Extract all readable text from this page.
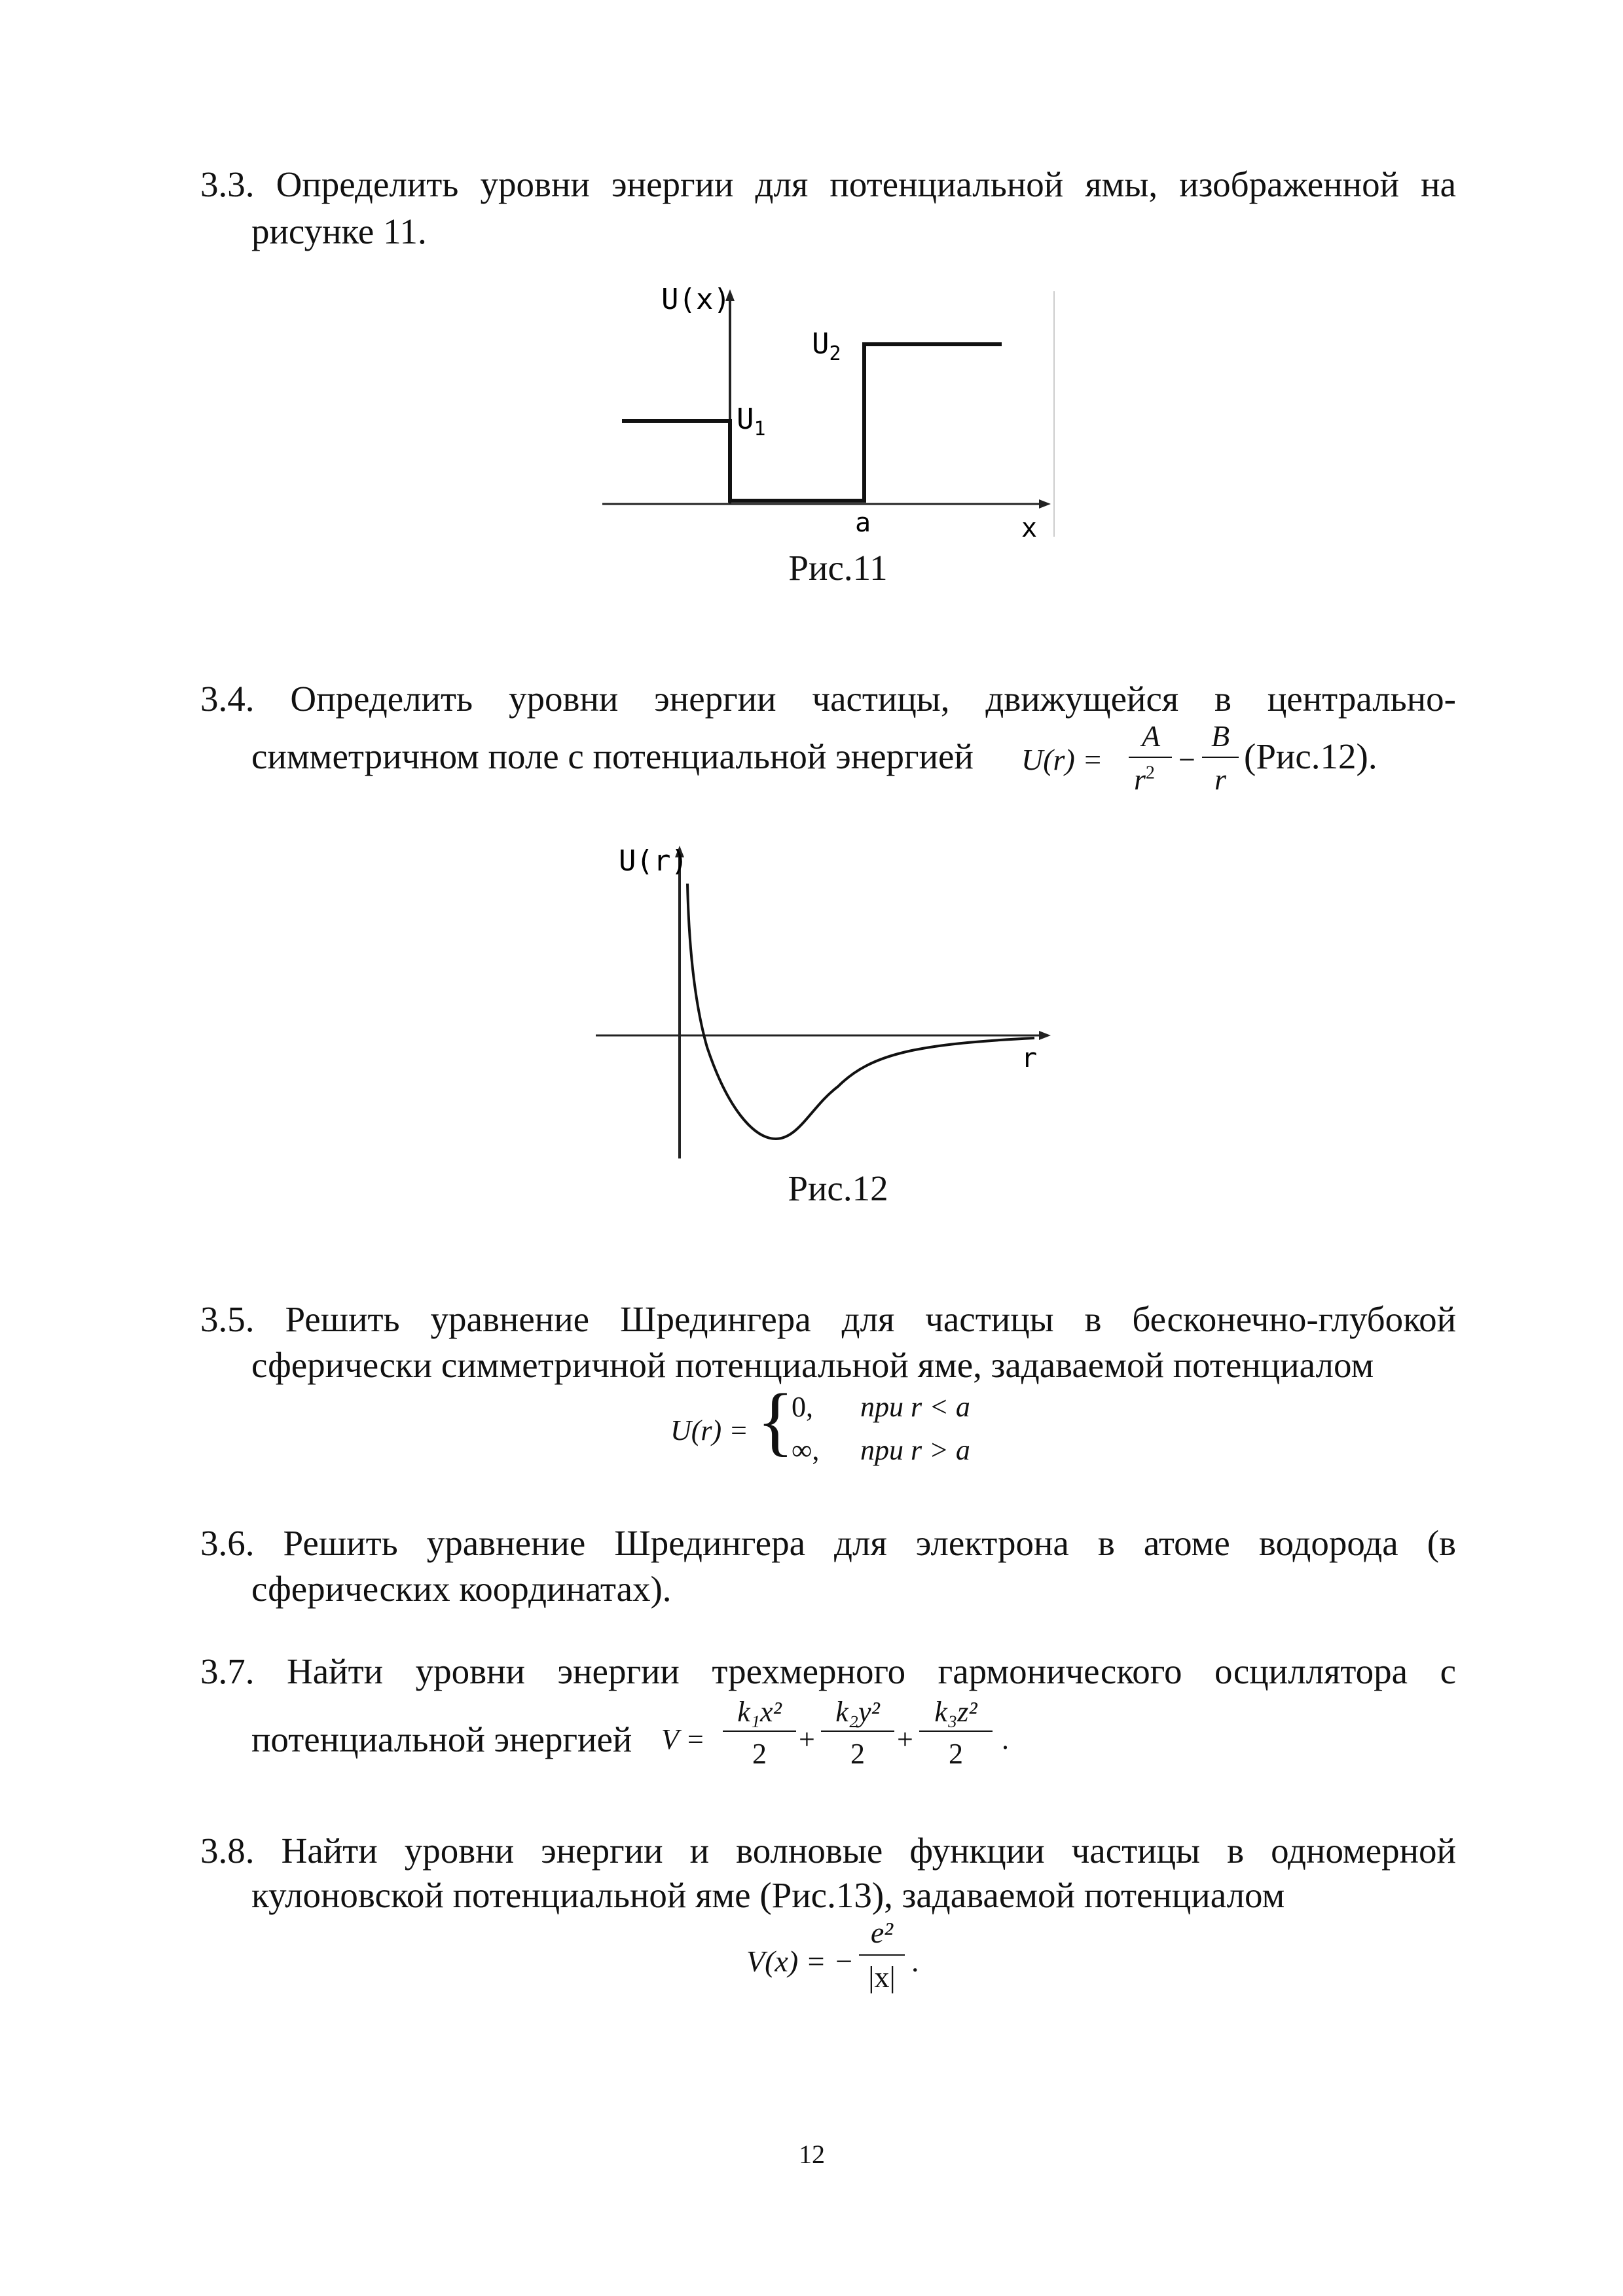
3.3. Определить уровни энергии для потенциальной ямы, изображенной на
рисунке 11.
U(x)
$U_1$
$U_2$
a	x
Рис.11
3.4. Определить уровни энергии частицы, движущейся в центрально-
симметричном поле с потенциальной энергией U(r) =
A
$r^2$ −
B
r
(Рис.12).
U(r)
r
Рис.12
3.5. Решить уравнение Шредингера для частицы в бесконечно-глубокой
сферически симметричной потенциальной яме, задаваемой потенциалом
U(r) = {
0, при r < a
∞, при r > a
3.6. Решить уравнение Шредингера для электрона в атоме водорода (в
сферических координатах).
3.7. Найти уровни энергии трехмерного гармонического осциллятора с
потенциальной энергией V =
k₁x²
2	+
k₂y²
2	+
k₃z²
2	.
3.8. Найти уровни энергии и волновые функции частицы в одномерной
кулоновской потенциальной яме (Рис.13), задаваемой потенциалом
V(x) = −
e²
|x| .
12
